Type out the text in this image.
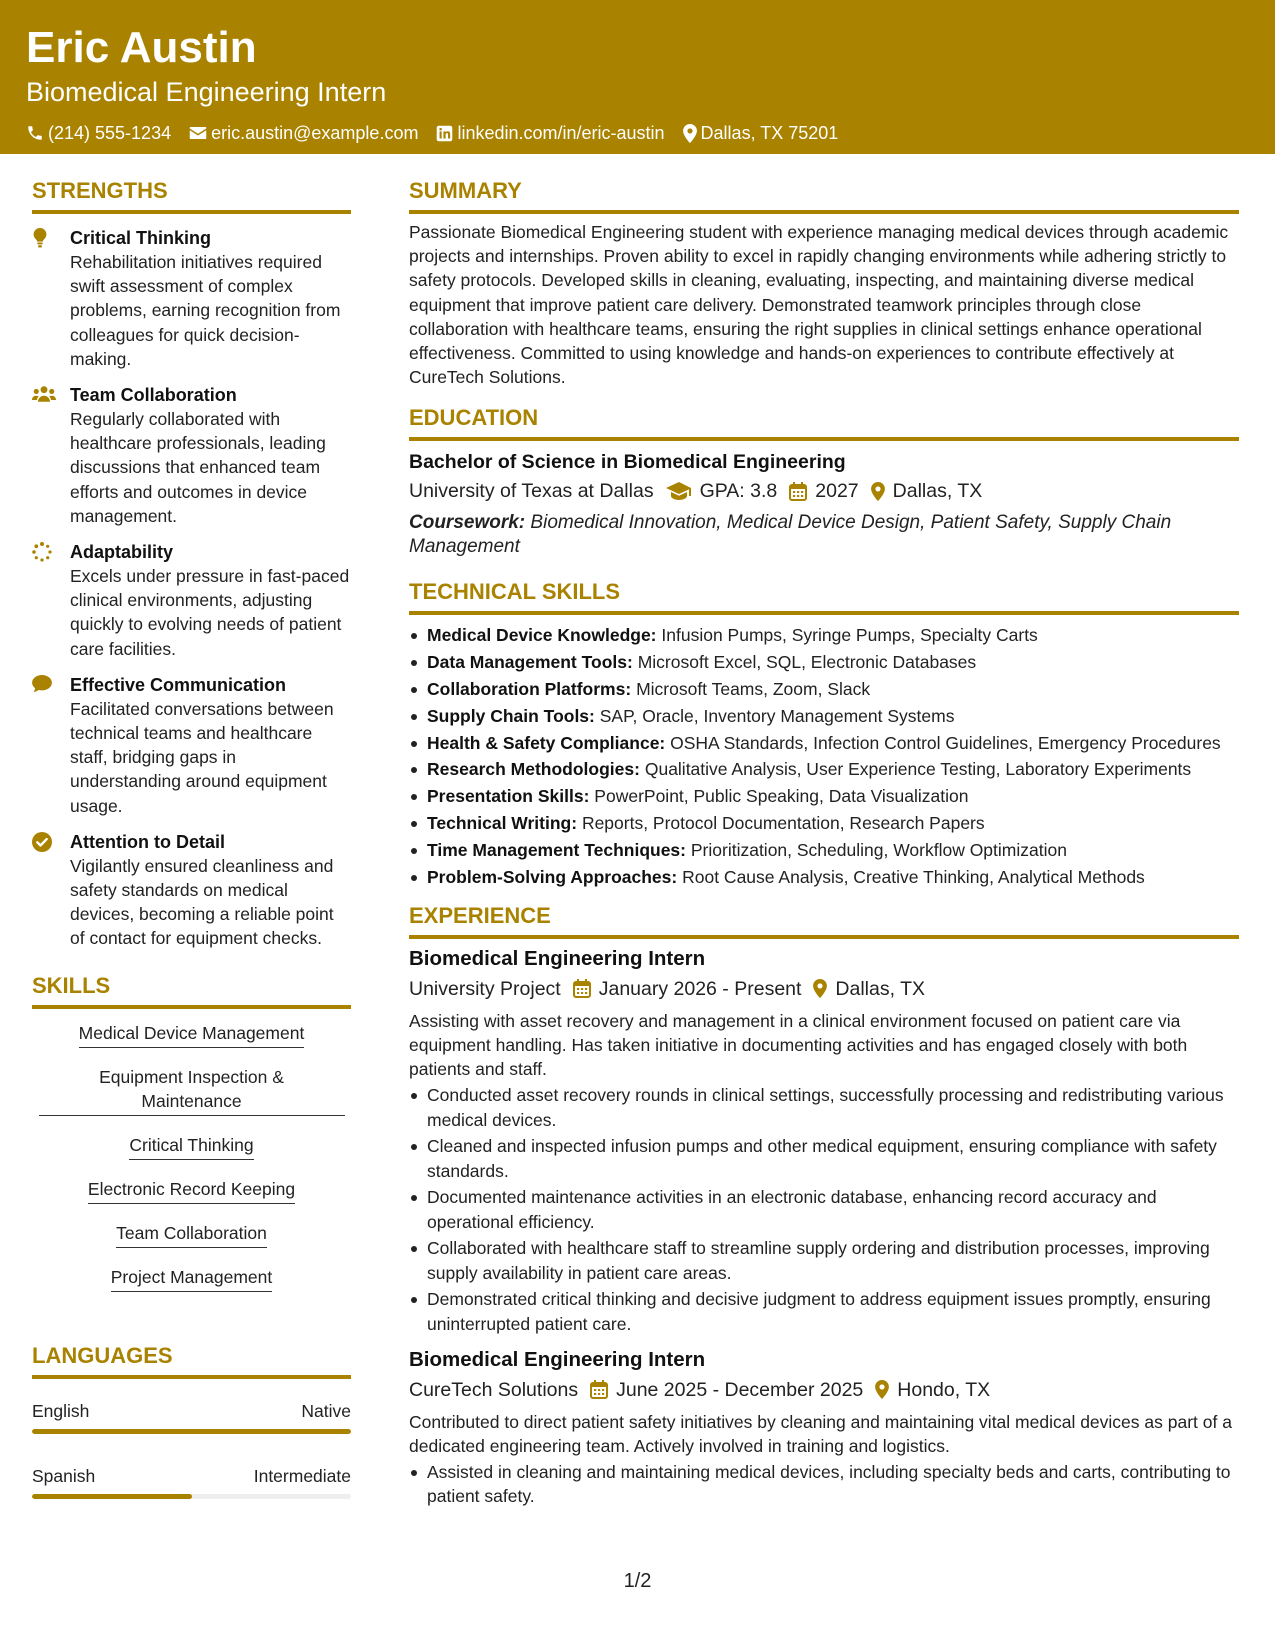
Eric Austin
Biomedical Engineering Intern
(214) 555-1234 eric.austin@example.com linkedin.com/in/eric-austin Dallas, TX 75201
STRENGTHS
Critical Thinking
Rehabilitation initiatives required swift assessment of complex problems, earning recognition from colleagues for quick decision-making.
Team Collaboration
Regularly collaborated with healthcare professionals, leading discussions that enhanced team efforts and outcomes in device management.
Adaptability
Excels under pressure in fast-paced clinical environments, adjusting quickly to evolving needs of patient care facilities.
Effective Communication
Facilitated conversations between technical teams and healthcare staff, bridging gaps in understanding around equipment usage.
Attention to Detail
Vigilantly ensured cleanliness and safety standards on medical devices, becoming a reliable point of contact for equipment checks.
SKILLS
Medical Device Management
Equipment Inspection & Maintenance
Critical Thinking
Electronic Record Keeping
Team Collaboration
Project Management
LANGUAGES
English	Native
Spanish	Intermediate
SUMMARY
Passionate Biomedical Engineering student with experience managing medical devices through academic projects and internships. Proven ability to excel in rapidly changing environments while adhering strictly to safety protocols. Developed skills in cleaning, evaluating, inspecting, and maintaining diverse medical equipment that improve patient care delivery. Demonstrated teamwork principles through close collaboration with healthcare teams, ensuring the right supplies in clinical settings enhance operational effectiveness. Committed to using knowledge and hands-on experiences to contribute effectively at CureTech Solutions.
EDUCATION
Bachelor of Science in Biomedical Engineering
University of Texas at Dallas GPA: 3.8 2027 Dallas, TX
Coursework: Biomedical Innovation, Medical Device Design, Patient Safety, Supply Chain Management
TECHNICAL SKILLS
Medical Device Knowledge: Infusion Pumps, Syringe Pumps, Specialty Carts
Data Management Tools: Microsoft Excel, SQL, Electronic Databases
Collaboration Platforms: Microsoft Teams, Zoom, Slack
Supply Chain Tools: SAP, Oracle, Inventory Management Systems
Health & Safety Compliance: OSHA Standards, Infection Control Guidelines, Emergency Procedures
Research Methodologies: Qualitative Analysis, User Experience Testing, Laboratory Experiments
Presentation Skills: PowerPoint, Public Speaking, Data Visualization
Technical Writing: Reports, Protocol Documentation, Research Papers
Time Management Techniques: Prioritization, Scheduling, Workflow Optimization
Problem-Solving Approaches: Root Cause Analysis, Creative Thinking, Analytical Methods
EXPERIENCE
Biomedical Engineering Intern
University Project January 2026 - Present Dallas, TX
Assisting with asset recovery and management in a clinical environment focused on patient care via equipment handling. Has taken initiative in documenting activities and has engaged closely with both patients and staff.
Conducted asset recovery rounds in clinical settings, successfully processing and redistributing various medical devices.
Cleaned and inspected infusion pumps and other medical equipment, ensuring compliance with safety standards.
Documented maintenance activities in an electronic database, enhancing record accuracy and operational efficiency.
Collaborated with healthcare staff to streamline supply ordering and distribution processes, improving supply availability in patient care areas.
Demonstrated critical thinking and decisive judgment to address equipment issues promptly, ensuring uninterrupted patient care.
Biomedical Engineering Intern
CureTech Solutions June 2025 - December 2025 Hondo, TX
Contributed to direct patient safety initiatives by cleaning and maintaining vital medical devices as part of a dedicated engineering team. Actively involved in training and logistics.
Assisted in cleaning and maintaining medical devices, including specialty beds and carts, contributing to patient safety.
1/2
